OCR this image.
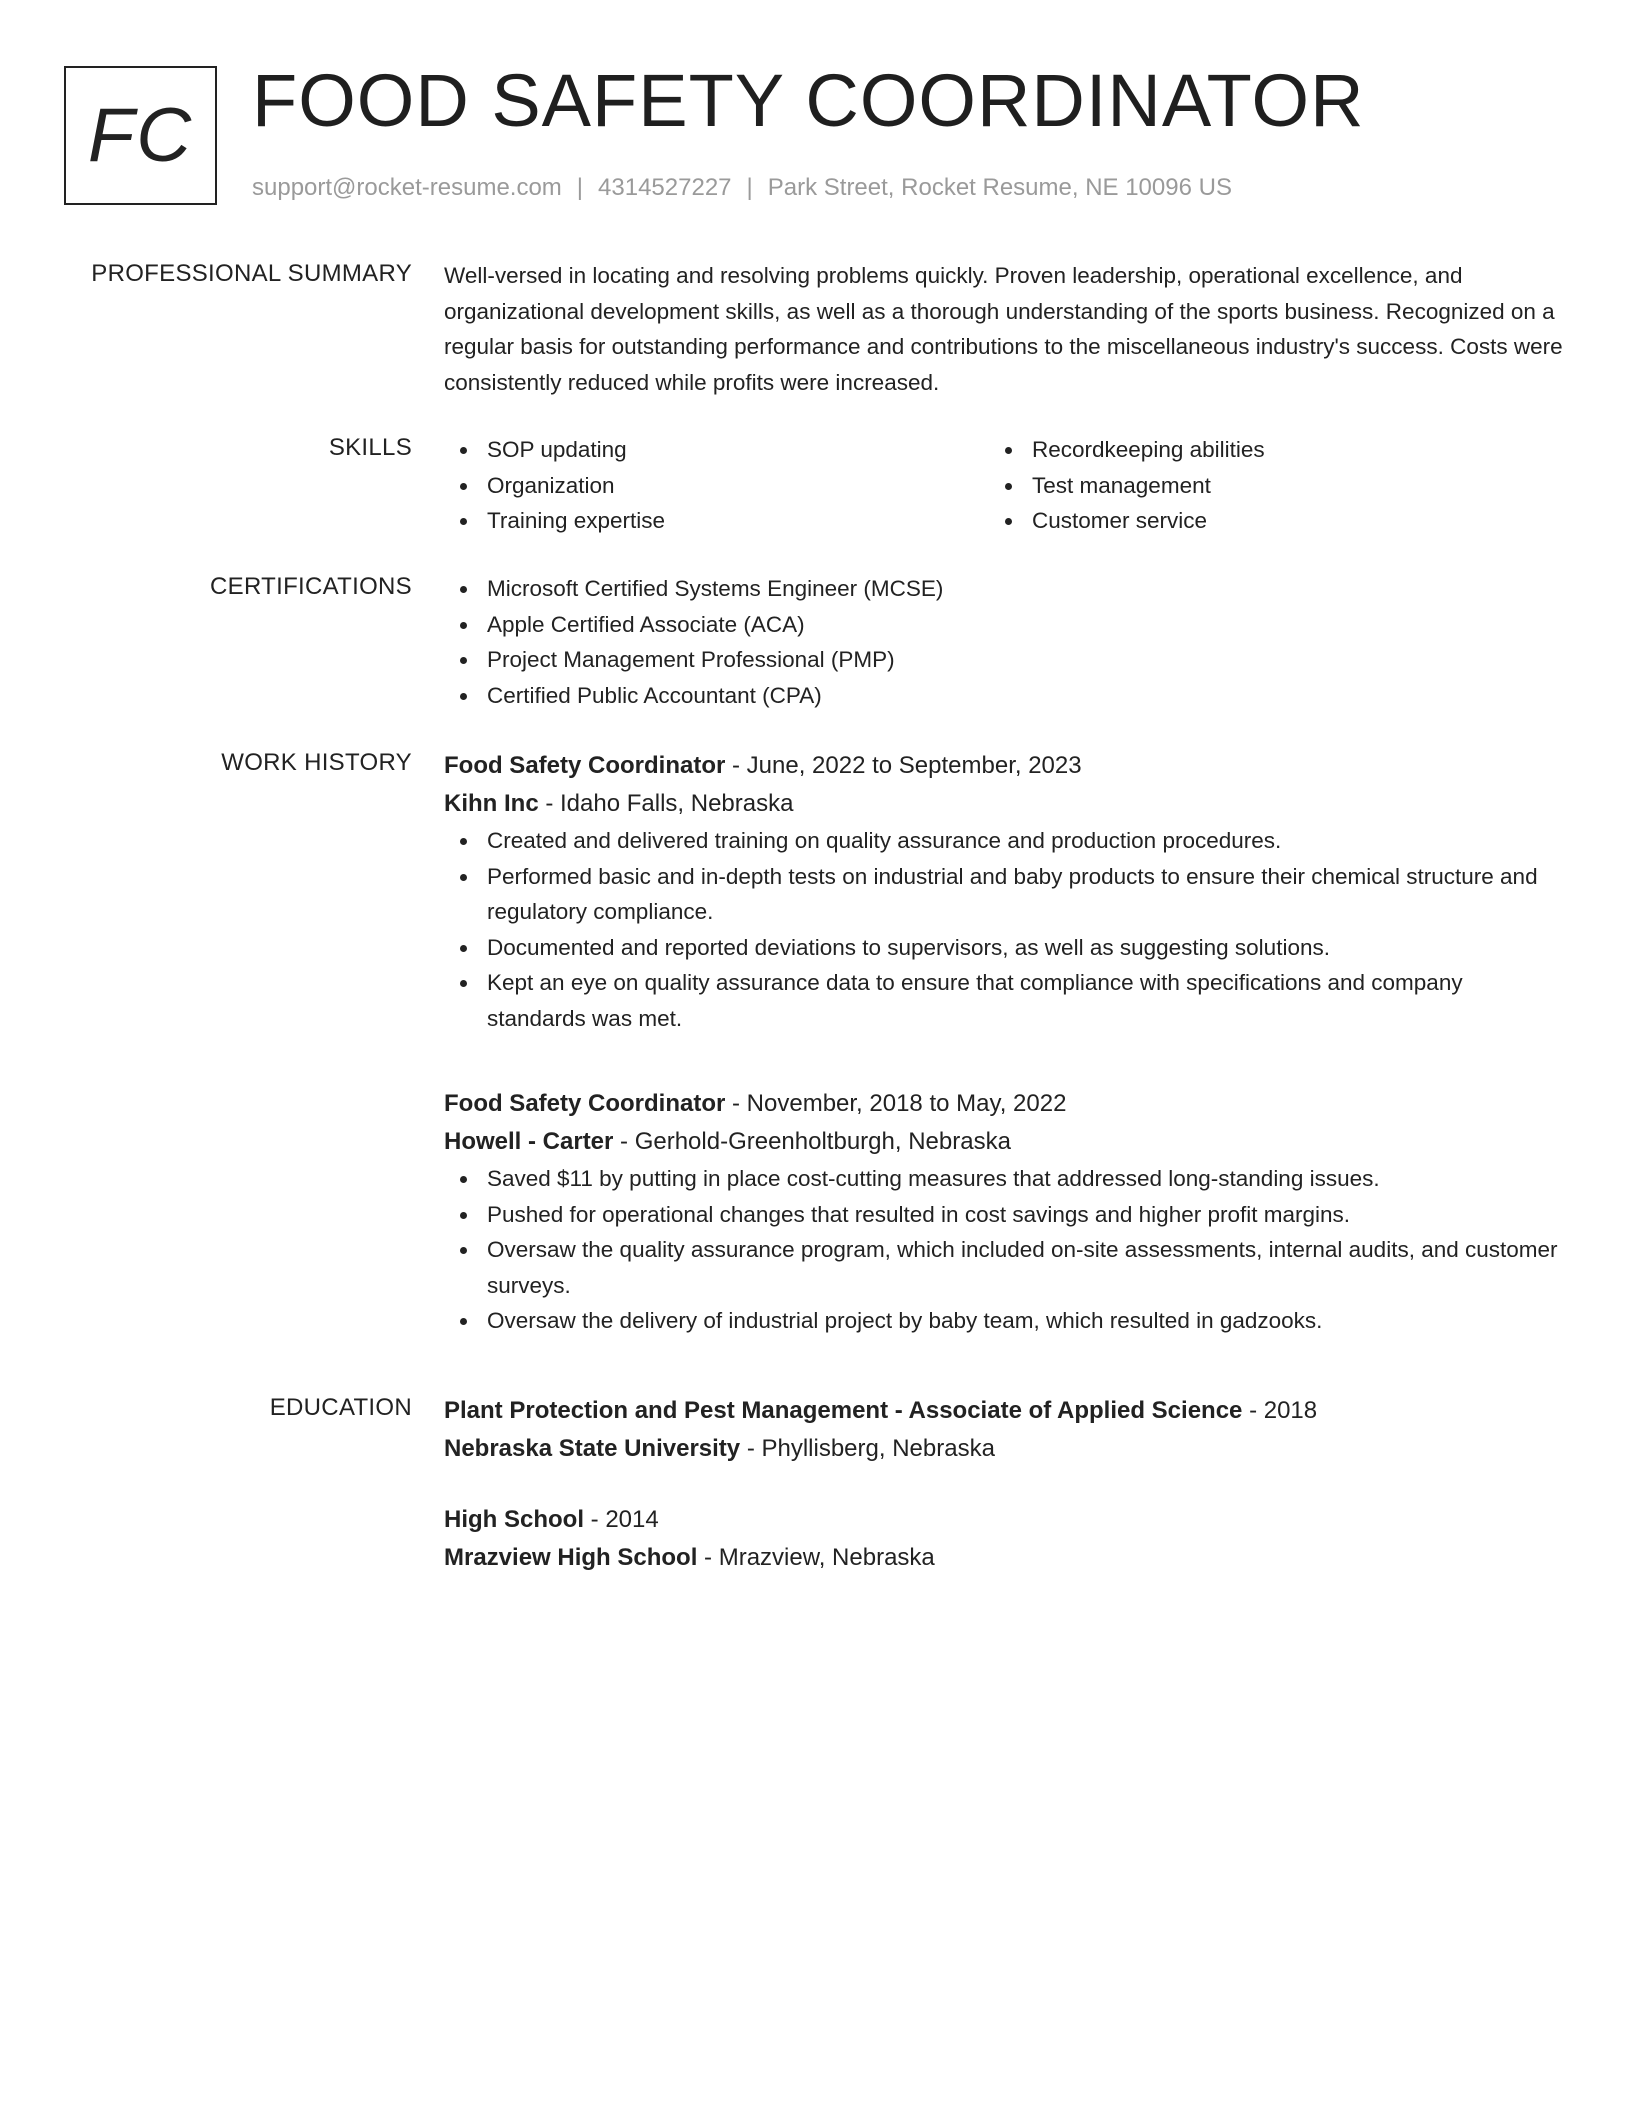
FC FOOD SAFETY COORDINATOR
support@rocket-resume.com | 4314527227 | Park Street, Rocket Resume, NE 10096 US
PROFESSIONAL SUMMARY Well-versed in locating and resolving problems quickly. Proven leadership, operational excellence, and organizational development skills, as well as a thorough understanding of the sports business. Recognized on a regular basis for outstanding performance and contributions to the miscellaneous industry's success. Costs were consistently reduced while profits were increased.

SKILLS	SOP updating
Organization
Training expertise
Recordkeeping abilities
Test management
Customer service
CERTIFICATIONS	Microsoft Certified Systems Engineer (MCSE)
Apple Certified Associate (ACA)
Project Management Professional (PMP)
Certified Public Accountant (CPA)
WORK HISTORY Food Safety Coordinator - June, 2022 to September, 2023
Kihn Inc - Idaho Falls, Nebraska
Created and delivered training on quality assurance and production procedures.
Performed basic and in-depth tests on industrial and baby products to ensure their chemical structure and regulatory compliance.
Documented and reported deviations to supervisors, as well as suggesting solutions.
Kept an eye on quality assurance data to ensure that compliance with specifications and company standards was met.
Food Safety Coordinator - November, 2018 to May, 2022
Howell - Carter - Gerhold-Greenholtburgh, Nebraska
Saved $11 by putting in place cost-cutting measures that addressed long-standing issues.
Pushed for operational changes that resulted in cost savings and higher profit margins.
Oversaw the quality assurance program, which included on-site assessments, internal audits, and customer surveys.
Oversaw the delivery of industrial project by baby team, which resulted in gadzooks.
EDUCATION Plant Protection and Pest Management - Associate of Applied Science - 2018
Nebraska State University - Phyllisberg, Nebraska
High School - 2014
Mrazview High School - Mrazview, Nebraska
